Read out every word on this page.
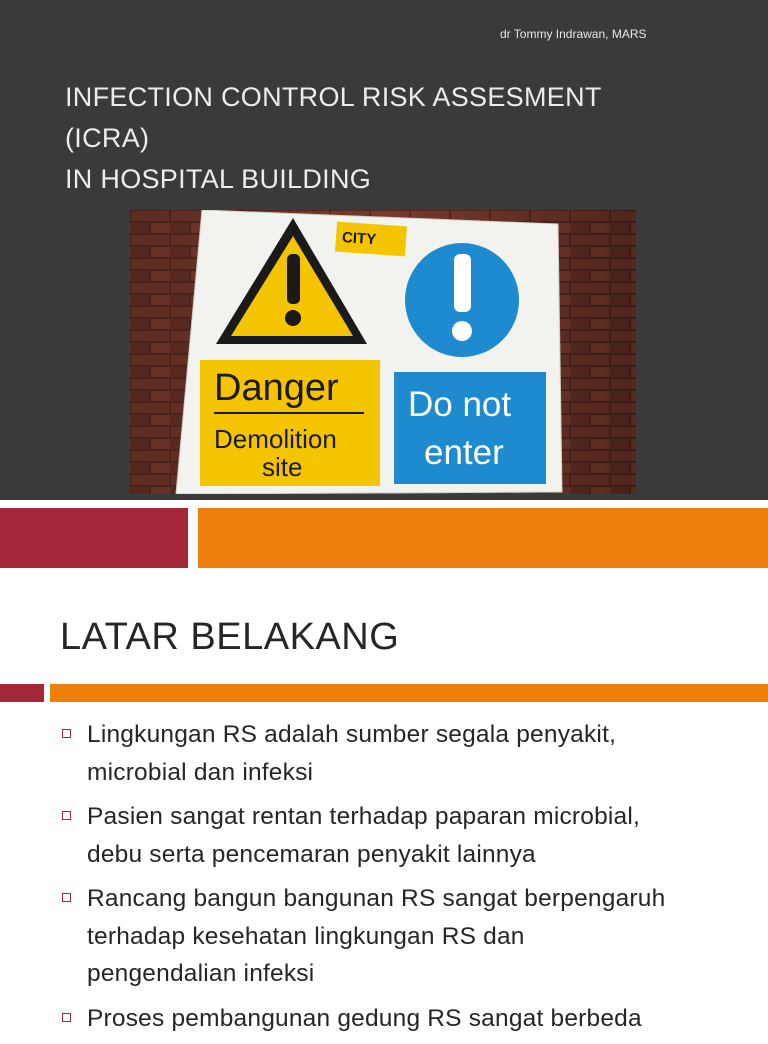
dr Tommy Indrawan, MARS
INFECTION CONTROL RISK ASSESMENT
(ICRA)
IN HOSPITAL BUILDING
CITY
Danger
Demolition
site
Do not
enter
LATAR BELAKANG
Lingkungan RS adalah sumber segala penyakit,
microbial dan infeksi
Pasien sangat rentan terhadap paparan microbial,
debu serta pencemaran penyakit lainnya
Rancang bangun bangunan RS sangat berpengaruh
terhadap kesehatan lingkungan RS dan
pengendalian infeksi
Proses pembangunan gedung RS sangat berbeda
